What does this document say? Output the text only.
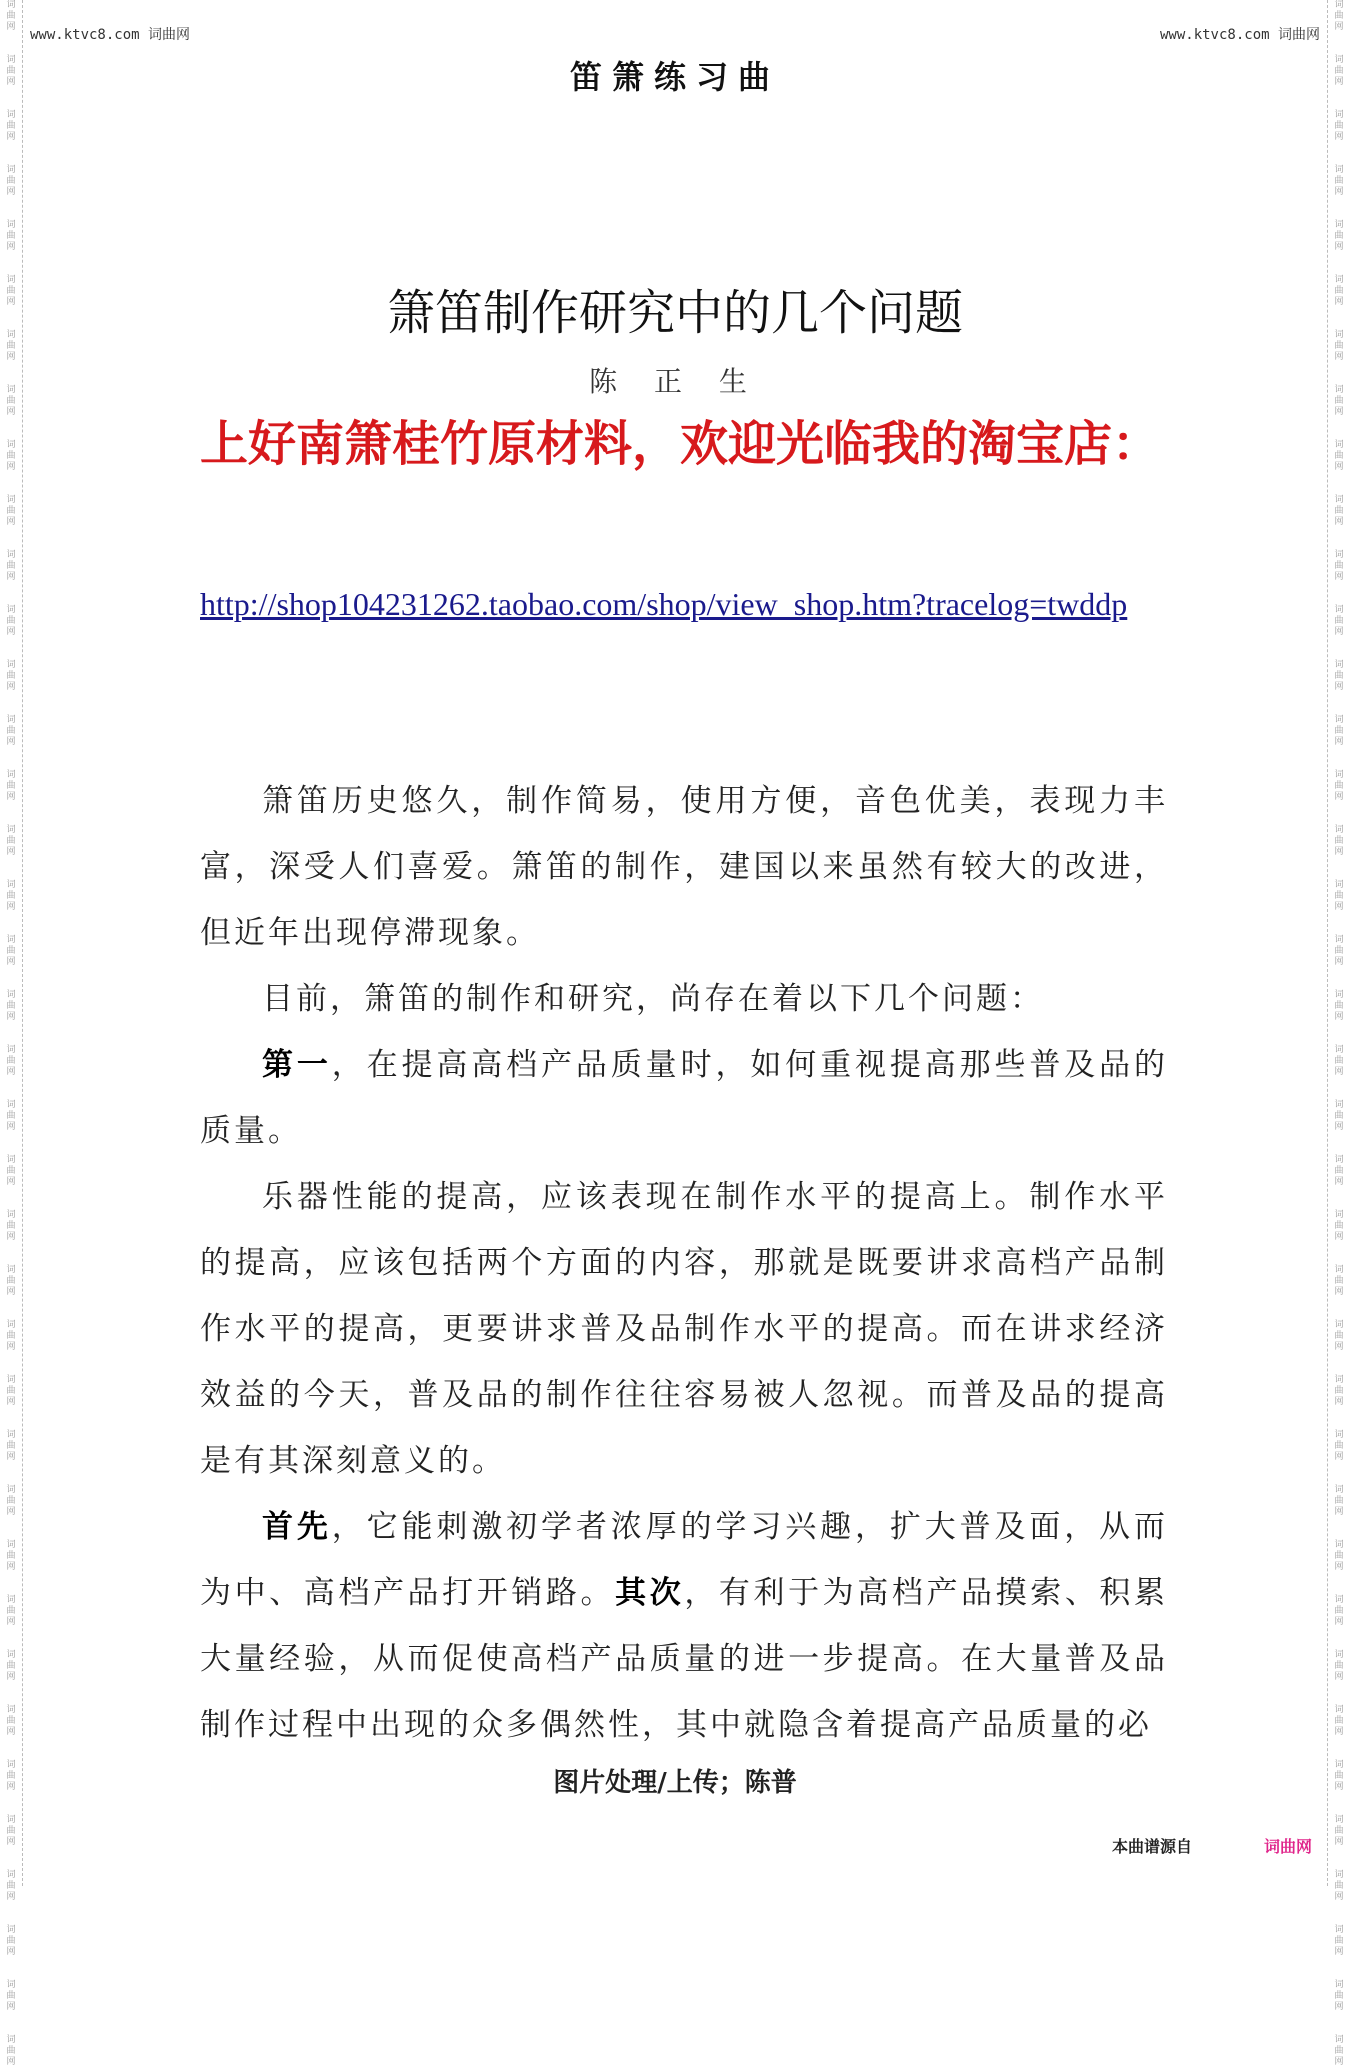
词
曲
网
词
曲
网
词
曲
网
词
曲
网
词
曲
网
词
曲
网
词
曲
网
词
曲
网
词
曲
网
词
曲
网
词
曲
网
词
曲
网
词
曲
网
词
曲
网
词
曲
网
词
曲
网
词
曲
网
词
曲
网
词
曲
网
词
曲
网
词
曲
网
词
曲
网
词
曲
网
词
曲
网
词
曲
网
词
曲
网
词
曲
网
词
曲
网
词
曲
网
词
曲
网
词
曲
网
词
曲
网
词
曲
网
词
曲
网
词
曲
网
词
曲
网
词
曲
网
词
曲
网
词
曲
网
词
曲
网
词
曲
网
词
曲
网
词
曲
网
词
曲
网
词
曲
网
词
曲
网
词
曲
网
词
曲
网
词
曲
网
词
曲
网
词
曲
网
词
曲
网
词
曲
网
词
曲
网
词
曲
网
词
曲
网
词
曲
网
词
曲
网
词
曲
网
词
曲
网
词
曲
网
词
曲
网
词
曲
网
词
曲
网
词
曲
网
词
曲
网
词
曲
网
词
曲
网
词
曲
网
词
曲
网
词
曲
网
词
曲
网
词
曲
网
词
曲
网
词
曲
网
词
曲
网
www.ktvc8.com 词曲网	www.ktvc8.com 词曲网
笛箫练习曲
箫笛制作研究中的几个问题
陈 正 生
上好南箫桂竹原材料，欢迎光临我的淘宝店：
http://shop104231262.taobao.com/shop/view_shop.htm?tracelog=twddp

箫笛历史悠久，制作简易，使用方便，音色优美，表现力丰富，深受人们喜爱。箫笛的制作，建国以来虽然有较大的改进，但近年出现停滞现象。

目前，箫笛的制作和研究，尚存在着以下几个问题：

第一，在提高高档产品质量时，如何重视提高那些普及品的质量。

乐器性能的提高，应该表现在制作水平的提高上。制作水平的提高，应该包括两个方面的内容，那就是既要讲求高档产品制作水平的提高，更要讲求普及品制作水平的提高。而在讲求经济效益的今天，普及品的制作往往容易被人忽视。而普及品的提高是有其深刻意义的。

首先，它能刺激初学者浓厚的学习兴趣，扩大普及面，从而为中、高档产品打开销路。其次，有利于为高档产品摸索、积累大量经验，从而促使高档产品质量的进一步提高。在大量普及品制作过程中出现的众多偶然性，其中就隐含着提高产品质量的必

图片处理/上传；陈普
本曲谱源自	词曲网
